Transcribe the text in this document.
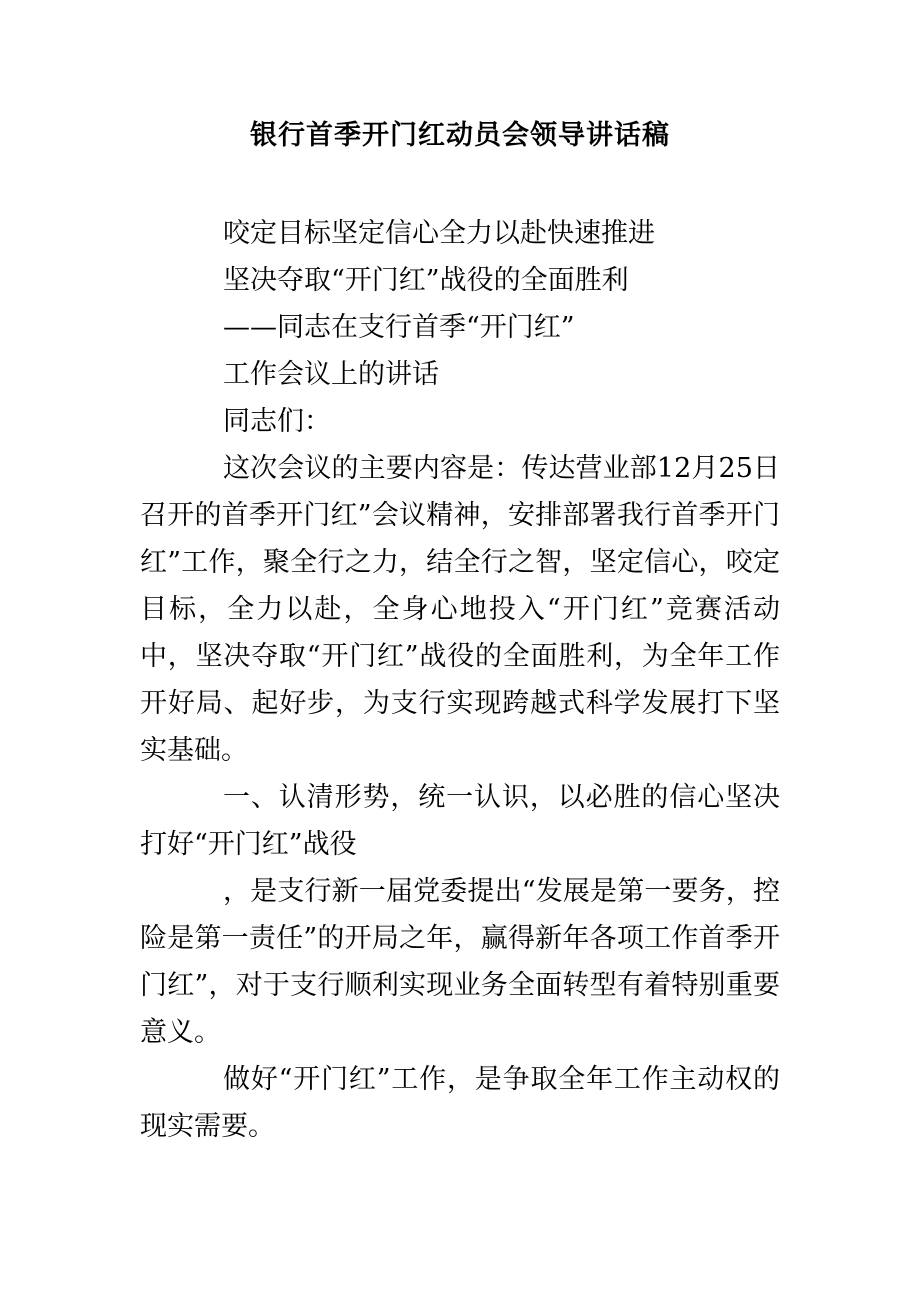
银行首季开门红动员会领导讲话稿

咬定目标坚定信心全力以赴快速推进

坚决夺取“开门红”战役的全面胜利

——同志在支行首季“开门红”

工作会议上的讲话

同志们：

这次会议的主要内容是：传达营业部12月25日召开的首季开门红”会议精神，安排部署我行首季开门红”工作，聚全行之力，结全行之智，坚定信心，咬定目标，全力以赴，全身心地投入“开门红”竞赛活动中，坚决夺取“开门红”战役的全面胜利，为全年工作开好局、起好步，为支行实现跨越式科学发展打下坚实基础。

一、认清形势，统一认识，以必胜的信心坚决打好“开门红”战役

，是支行新一届党委提出“发展是第一要务，控险是第一责任”的开局之年，赢得新年各项工作首季开门红”，对于支行顺利实现业务全面转型有着特别重要意义。

做好“开门红”工作，是争取全年工作主动权的现实需要。
